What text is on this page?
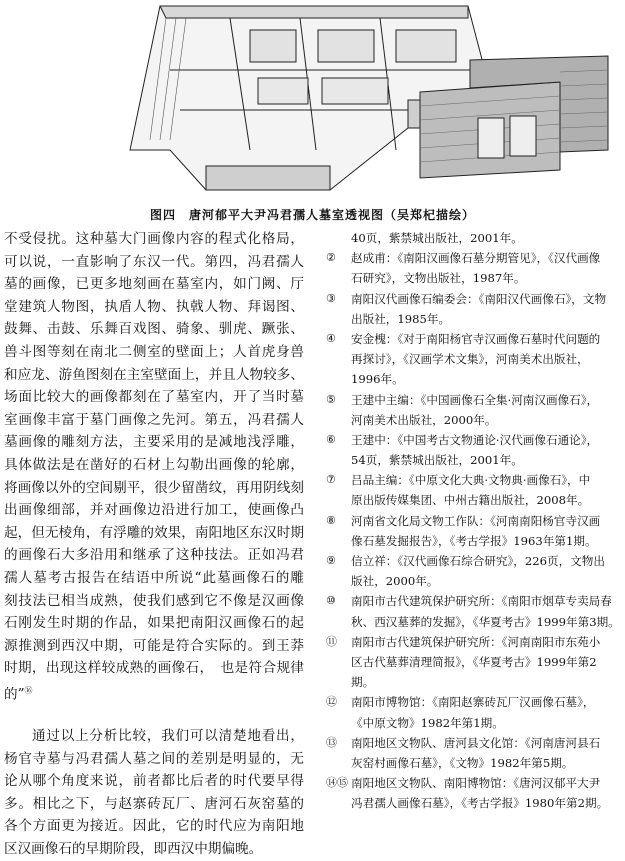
图四　唐河郁平大尹冯君孺人墓室透视图（吴郑杞描绘）
不受侵扰。这种墓大门画像内容的程式化格局，
可以说，一直影响了东汉一代。第四，冯君孺人
墓的画像，已更多地刻画在墓室内，如门阙、厅
堂建筑人物图，执盾人物、执戟人物、拜谒图、
鼓舞、击鼓、乐舞百戏图、骑象、驯虎、蹶张、
兽斗图等刻在南北二侧室的壁面上；人首虎身兽
和应龙、游鱼图刻在主室壁面上，并且人物较多、
场面比较大的画像都刻在了墓室内，开了当时墓
室画像丰富于墓门画像之先河。第五，冯君孺人
墓画像的雕刻方法，主要采用的是减地浅浮雕，
具体做法是在凿好的石材上勾勒出画像的轮廓，
将画像以外的空间剔平，很少留凿纹，再用阴线刻
出画像细部，并对画像边沿进行加工，使画像凸
起，但无棱角，有浮雕的效果，南阳地区东汉时期
的画像石大多沿用和继承了这种技法。正如冯君
孺人墓考古报告在结语中所说“此墓画像石的雕
刻技法已相当成熟，使我们感到它不像是汉画像
石刚发生时期的作品，如果把南阳汉画像石的起
源推测到西汉中期，可能是符合实际的。到王莽
时期，出现这样较成熟的画像石，　也是符合规律
的”⑯
通过以上分析比较，我们可以清楚地看出，
杨官寺墓与冯君孺人墓之间的差别是明显的，无
论从哪个角度来说，前者都比后者的时代要早得
多。相比之下，与赵寨砖瓦厂、唐河石灰窑墓的
各个方面更为接近。因此，它的时代应为南阳地
区汉画像石的早期阶段，即西汉中期偏晚。
40页，紫禁城出版社，2001年。
②	赵成甫：《南阳汉画像石墓分期管见》，《汉代画像
石研究》，文物出版社，1987年。
③	南阳汉代画像石编委会：《南阳汉代画像石》，文物
出版社，1985年。
④	安金槐：《对于南阳杨官寺汉画像石墓时代问题的
再探讨》，《汉画学术文集》，河南美术出版社，
1996年。
⑤	王建中主编：《中国画像石全集·河南汉画像石》，
河南美术出版社，2000年。
⑥	王建中：《中国考古文物通论·汉代画像石通论》，
54页，紫禁城出版社，2001年。
⑦	吕品主编：《中原文化大典·文物典·画像石》，中
原出版传媒集团、中州古籍出版社，2008年。
⑧	河南省文化局文物工作队：《河南南阳杨官寺汉画
像石墓发掘报告》，《考古学报》1963年第1期。
⑨	信立祥：《汉代画像石综合研究》，226页，文物出
版社，2000年。
⑩	南阳市古代建筑保护研究所：《南阳市烟草专卖局春
秋、西汉墓葬的发掘》，《华夏考古》1999年第3期。
⑪	南阳市古代建筑保护研究所：《河南南阳市东苑小
区古代墓葬清理简报》，《华夏考古》1999年第2
期。
⑫	南阳市博物馆：《南阳赵寨砖瓦厂汉画像石墓》，
《中原文物》1982年第1期。
⑬	南阳地区文物队、唐河县文化馆：《河南唐河县石
灰窑村画像石墓》，《文物》1982年第5期。
⑭⑮ 南阳地区文物队、南阳博物馆：《唐河汉郁平大尹
冯君孺人画像石墓》，《考古学报》1980年第2期。
